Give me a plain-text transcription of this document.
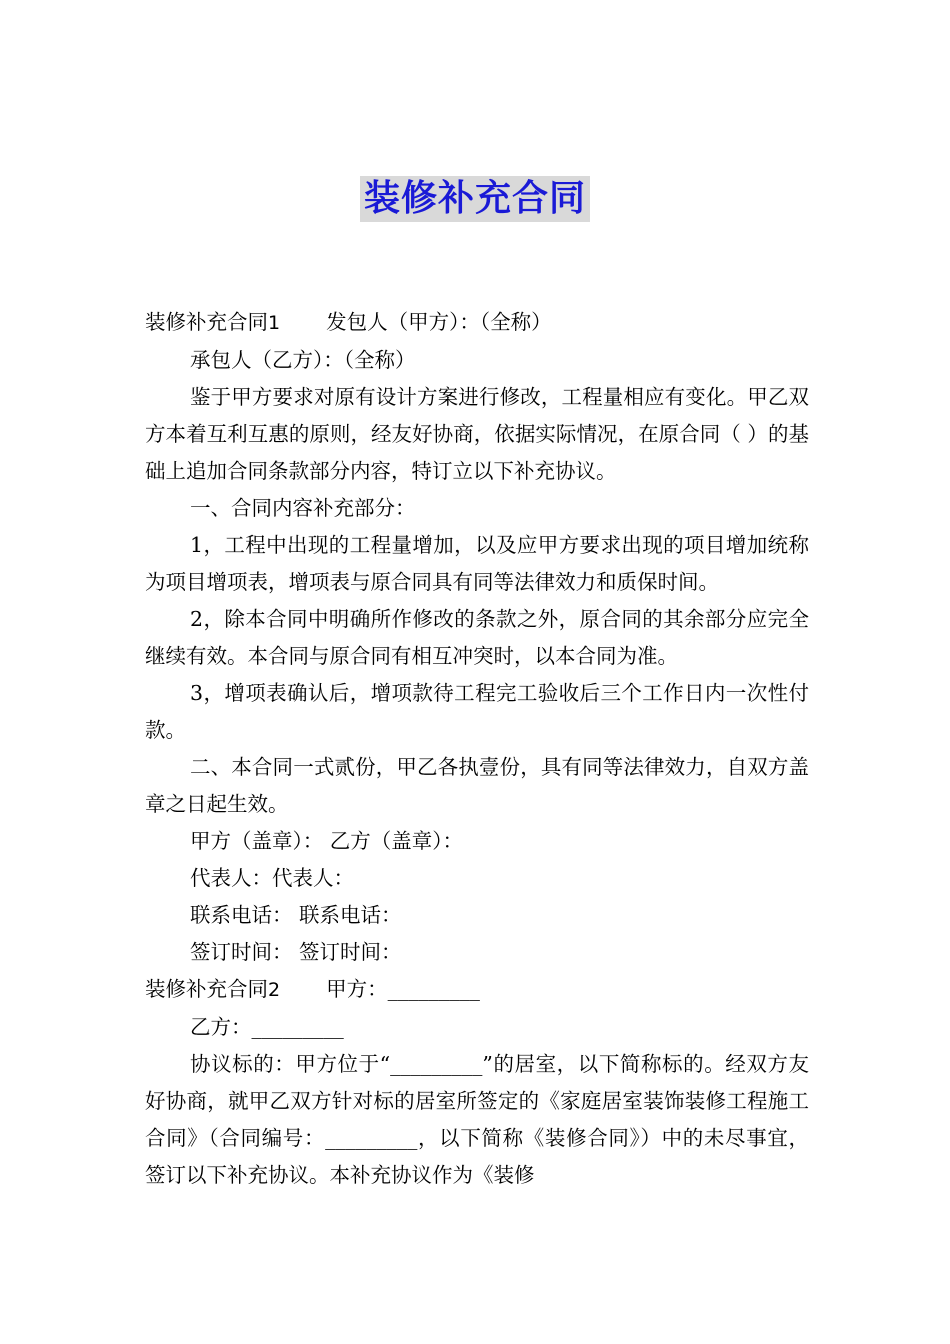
装修补充合同

装修补充合同1 发包人（甲方）：（全称）

承包人（乙方）：（全称）

鉴于甲方要求对原有设计方案进行修改，工程量相应有变化。甲乙双方本着互利互惠的原则，经友好协商，依据实际情况，在原合同（ ）的基础上追加合同条款部分内容，特订立以下补充协议。

一、合同内容补充部分：

1，工程中出现的工程量增加，以及应甲方要求出现的项目增加统称为项目增项表，增项表与原合同具有同等法律效力和质保时间。

2，除本合同中明确所作修改的条款之外，原合同的其余部分应完全继续有效。本合同与原合同有相互冲突时，以本合同为准。

3，增项表确认后，增项款待工程完工验收后三个工作日内一次性付款。

二、本合同一式贰份，甲乙各执壹份，具有同等法律效力，自双方盖章之日起生效。

甲方（盖章）： 乙方（盖章）：

代表人：代表人：

联系电话： 联系电话：

签订时间： 签订时间：

装修补充合同2 甲方：_________

乙方：_________

协议标的：甲方位于“_________”的居室，以下简称标的。经双方友好协商，就甲乙双方针对标的居室所签定的《家庭居室装饰装修工程施工合同》（合同编号：_________，以下简称《装修合同》）中的未尽事宜，签订以下补充协议。本补充协议作为《装修
